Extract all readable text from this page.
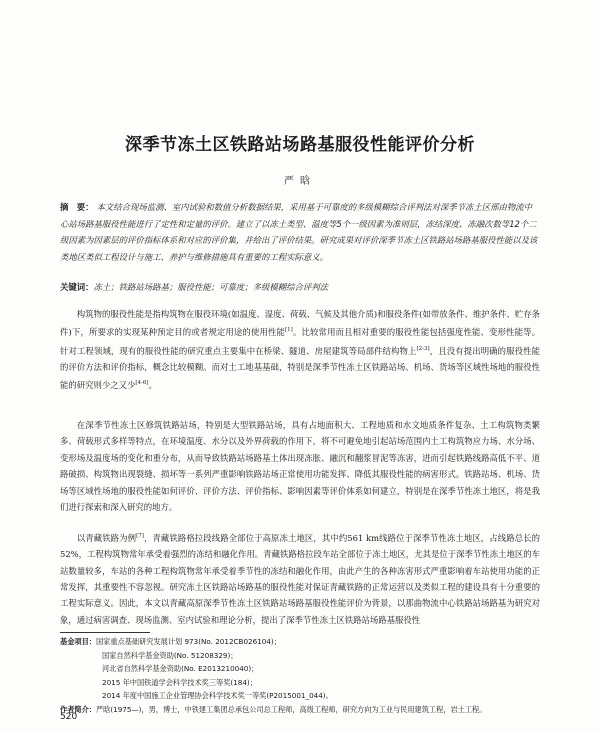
深季节冻土区铁路站场路基服役性能评价分析
严晗
摘　要： 本文结合现场监测、室内试验和数值分析数据结果，采用基于可靠度的多级模糊综合评判法对深季节冻土区邢由物流中心站场路基服役性能进行了定性和定量的评价。建立了以冻土类型、温度等5个一级因素为准则层，冻结深度、冻融次数等12个二级因素为因素层的评价指标体系和对应的评价集，并给出了评价结果。研究成果对评价深季节冻土区铁路站场路基服役性能以及该类地区类似工程设计与施工、养护与维修措施具有重要的工程实际意义。
关键词：冻土；铁路站场路基；服役性能；可靠度；多级模糊综合评判法
构筑物的服役性能是指构筑物在服役环境(如温度、湿度、荷载、气候及其他介质)和服役条件(如带放条件、维护条件、贮存条件)下，所要求的实现某种预定目的或者规定用途的使用性能[1]。比较常用而且相对重要的服役性能包括强度性能、变形性能等。针对工程领域，现有的服役性能的研究重点主要集中在桥梁、隧道、房屋建筑等局部件结构物上[2-3]，且没有提出明确的服役性能的评价方法和评价指标，概念比较模糊。而对土工地基基础，特别是深季节性冻土区铁路站场、机场、货场等区域性场地的服役性能的研究则少之又少[4-6]。
在深季节性冻土区修筑铁路站场，特别是大型铁路站场，具有占地面积大、工程地质和水文地质条件复杂、土工构筑物类繁多、荷载形式多样等特点，在环境温度、水分以及外界荷载的作用下，将不可避免地引起站场范围内土工构筑物应力场、水分场、变形场及温度场的变化和重分布，从而导致铁路站场路基土体出现冻胀、融沉和翻浆冒泥等冻害，进而引起铁路线路高低不平、道路破损、构筑物出现裂缝、损坏等一系列严重影响铁路站场正常使用功能发挥、降低其服役性能的病害形式。铁路站场、机场、货场等区域性场地的服役性能如何评价、评价方法、评价指标、影响因素等评价体系如何建立，特别是在深季节性冻土地区，将是我们进行探索和深入研究的地方。
以青藏铁路为例[7]，青藏铁路格拉段线路全部位于高原冻土地区，其中约561 km线路位于深季节性冻土地区，占线路总长的52%，工程构筑物常年承受着强烈的冻结和融化作用。青藏铁路格拉段车站全部位于冻土地区，尤其是位于深季节性冻土地区的车站数量较多，车站的各种工程构筑物常年承受着季节性的冻结和融化作用，由此产生的各种冻害形式严重影响着车站使用功能的正常发挥，其重要性不容忽视。研究冻土区铁路站场路基的服役性能对保证青藏铁路的正常运营以及类似工程的建设具有十分重要的工程实际意义。因此，本文以青藏高原深季节性冻土区铁路站场路基服役性能评价为背景，以那曲物流中心铁路站场路基为研究对象，通过病害调查、现场监测、室内试验和理论分析，提出了深季节性冻土区铁路站场路基服役性
基金项目：国家重点基础研究发展计划 973(No. 2012CB026104)；
国家自然科学基金资助(No. 51208329)；
河北省自然科学基金资助(No. E2013210040)；
2015 年中国铁道学会科学技术奖三等奖(184)；
2014 年度中国施工企业管理协会科学技术奖一等奖(P2015001_044)。
作者简介：严晗(1975—)，男，博士，中铁建工集团总承包公司总工程师，高级工程师，研究方向为工业与民用建筑工程，岩土工程。
520
